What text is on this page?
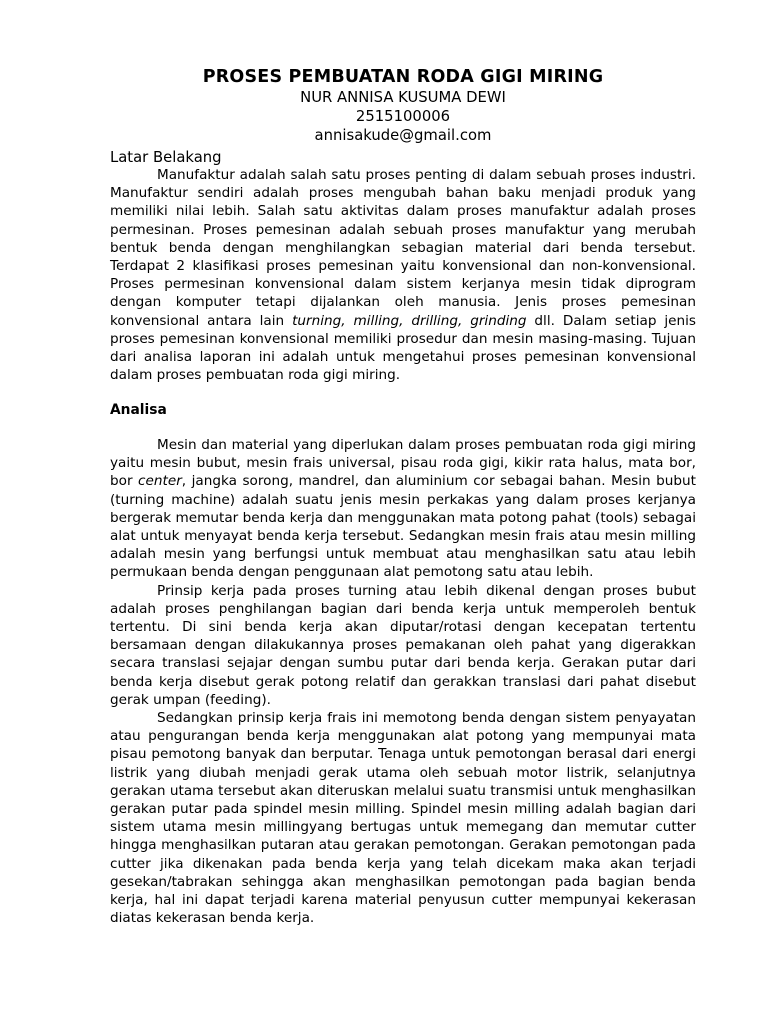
PROSES PEMBUATAN RODA GIGI MIRING
NUR ANNISA KUSUMA DEWI
2515100006
annisakude@gmail.com
Latar Belakang

Manufaktur adalah salah satu proses penting di dalam sebuah proses industri. Manufaktur sendiri adalah proses mengubah bahan baku menjadi produk yang memiliki nilai lebih. Salah satu aktivitas dalam proses manufaktur adalah proses permesinan. Proses pemesinan adalah sebuah proses manufaktur yang merubah bentuk benda dengan menghilangkan sebagian material dari benda tersebut. Terdapat 2 klasifikasi proses pemesinan yaitu konvensional dan non-konvensional. Proses permesinan konvensional dalam sistem kerjanya mesin tidak diprogram dengan komputer tetapi dijalankan oleh manusia. Jenis proses pemesinan konvensional antara lain turning, milling, drilling, grinding dll. Dalam setiap jenis proses pemesinan konvensional memiliki prosedur dan mesin masing-masing. Tujuan dari analisa laporan ini adalah untuk mengetahui proses pemesinan konvensional dalam proses pembuatan roda gigi miring.

Analisa

Mesin dan material yang diperlukan dalam proses pembuatan roda gigi miring yaitu mesin bubut, mesin frais universal, pisau roda gigi, kikir rata halus, mata bor, bor center, jangka sorong, mandrel, dan aluminium cor sebagai bahan. Mesin bubut (turning machine) adalah suatu jenis mesin perkakas yang dalam proses kerjanya bergerak memutar benda kerja dan menggunakan mata potong pahat (tools) sebagai alat untuk menyayat benda kerja tersebut. Sedangkan mesin frais atau mesin milling adalah mesin yang berfungsi untuk membuat atau menghasilkan satu atau lebih permukaan benda dengan penggunaan alat pemotong satu atau lebih.

Prinsip kerja pada proses turning atau lebih dikenal dengan proses bubut adalah proses penghilangan bagian dari benda kerja untuk memperoleh bentuk tertentu. Di sini benda kerja akan diputar/rotasi dengan kecepatan tertentu bersamaan dengan dilakukannya proses pemakanan oleh pahat yang digerakkan secara translasi sejajar dengan sumbu putar dari benda kerja. Gerakan putar dari benda kerja disebut gerak potong relatif dan gerakkan translasi dari pahat disebut gerak umpan (feeding).

Sedangkan prinsip kerja frais ini memotong benda dengan sistem penyayatan atau pengurangan benda kerja menggunakan alat potong yang mempunyai mata pisau pemotong banyak dan berputar. Tenaga untuk pemotongan berasal dari energi listrik yang diubah menjadi gerak utama oleh sebuah motor listrik, selanjutnya gerakan utama tersebut akan diteruskan melalui suatu transmisi untuk menghasilkan gerakan putar pada spindel mesin milling. Spindel mesin milling adalah bagian dari sistem utama mesin millingyang bertugas untuk memegang dan memutar cutter hingga menghasilkan putaran atau gerakan pemotongan. Gerakan pemotongan pada cutter jika dikenakan pada benda kerja yang telah dicekam maka akan terjadi gesekan/tabrakan sehingga akan menghasilkan pemotongan pada bagian benda kerja, hal ini dapat terjadi karena material penyusun cutter mempunyai kekerasan diatas kekerasan benda kerja.
